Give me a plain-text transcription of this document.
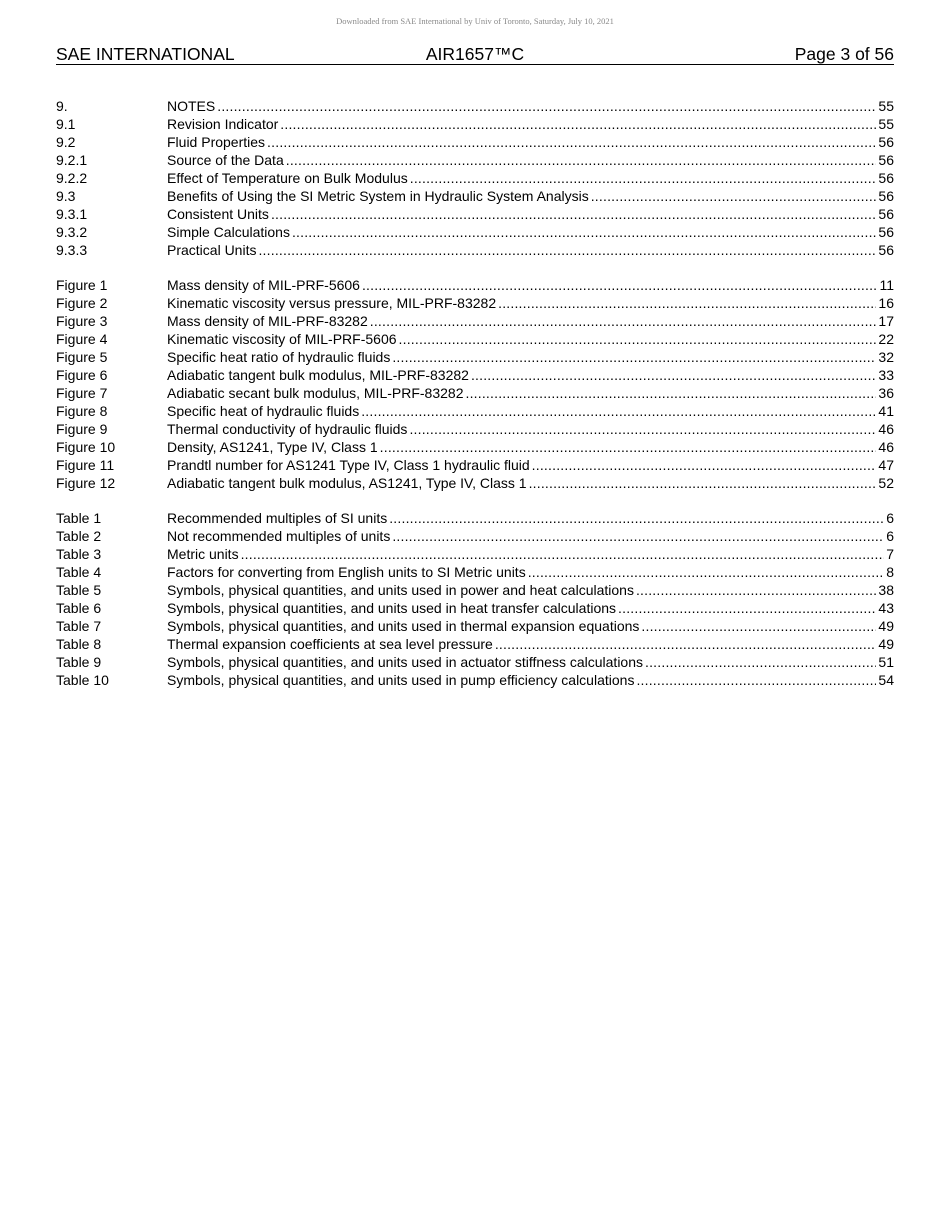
Downloaded from SAE International by Univ of Toronto, Saturday, July 10, 2021
SAE INTERNATIONAL	AIR1657™C	Page 3 of 56
9.	NOTES .....	55
9.1	Revision Indicator .....	55
9.2	Fluid Properties .....	56
9.2.1	Source of the Data .....	56
9.2.2	Effect of Temperature on Bulk Modulus .....	56
9.3	Benefits of Using the SI Metric System in Hydraulic System Analysis .....	56
9.3.1	Consistent Units .....	56
9.3.2	Simple Calculations .....	56
9.3.3	Practical Units .....	56
Figure 1	Mass density of MIL-PRF-5606 .....	11
Figure 2	Kinematic viscosity versus pressure, MIL-PRF-83282 .....	16
Figure 3	Mass density of MIL-PRF-83282 .....	17
Figure 4	Kinematic viscosity of MIL-PRF-5606 .....	22
Figure 5	Specific heat ratio of hydraulic fluids .....	32
Figure 6	Adiabatic tangent bulk modulus, MIL-PRF-83282 .....	33
Figure 7	Adiabatic secant bulk modulus, MIL-PRF-83282 .....	36
Figure 8	Specific heat of hydraulic fluids .....	41
Figure 9	Thermal conductivity of hydraulic fluids .....	46
Figure 10	Density, AS1241, Type IV, Class 1 .....	46
Figure 11	Prandtl number for AS1241 Type IV, Class 1 hydraulic fluid .....	47
Figure 12	Adiabatic tangent bulk modulus, AS1241, Type IV, Class 1 .....	52
Table 1	Recommended multiples of SI units .....	6
Table 2	Not recommended multiples of units .....	6
Table 3	Metric units .....	7
Table 4	Factors for converting from English units to SI Metric units .....	8
Table 5	Symbols, physical quantities, and units used in power and heat calculations .....	38
Table 6	Symbols, physical quantities, and units used in heat transfer calculations .....	43
Table 7	Symbols, physical quantities, and units used in thermal expansion equations .....	49
Table 8	Thermal expansion coefficients at sea level pressure .....	49
Table 9	Symbols, physical quantities, and units used in actuator stiffness calculations .....	51
Table 10	Symbols, physical quantities, and units used in pump efficiency calculations .....	54
